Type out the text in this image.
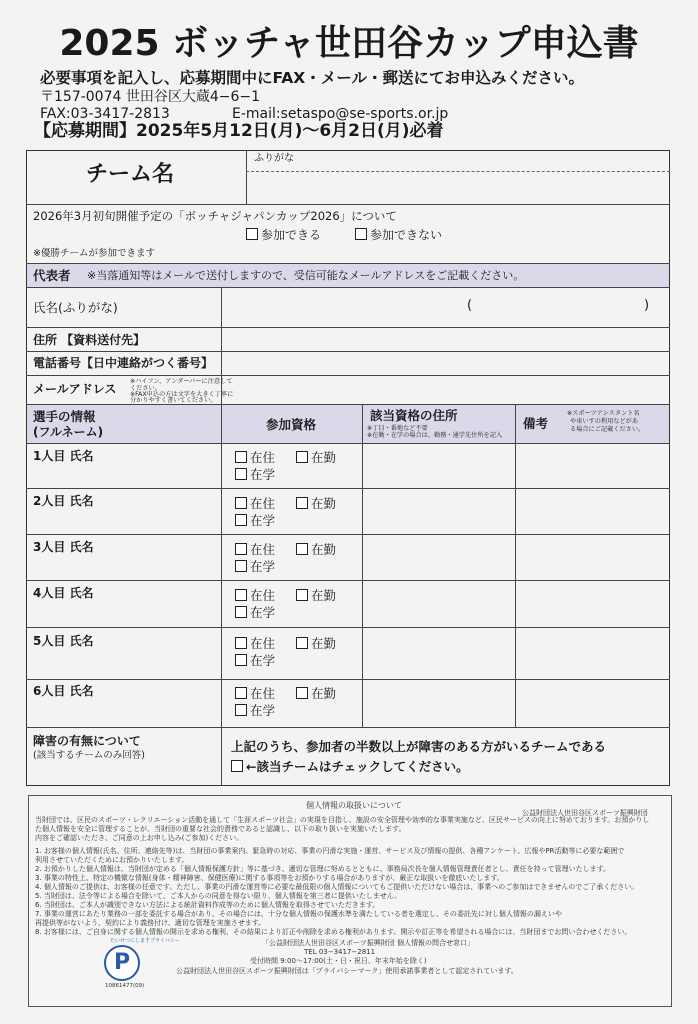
2025 ボッチャ世田谷カップ申込書
必要事項を記入し、応募期間中にFAX・メール・郵送にてお申込みください。
〒157-0074 世田谷区大蔵4−6−1
FAX:03-3417-2813	E-mail:setaspo@se-sports.or.jp
【応募期間】2025年5月12日(月)〜6月2日(月)必着
チーム名
ふりがな
2026年3月初旬開催予定の「ボッチャジャパンカップ2026」について
参加できる	参加できない
※優勝チームが参加できます
代表者 ※当落通知等はメールで送付しますので、受信可能なメールアドレスをご記載ください。
氏名(ふりがな)	(	)
住所 【資料送付先】
電話番号【日中連絡がつく番号】
メールアドレス
※ハイフン、アンダーバーに注意して
ください。
※FAX申込の方は文字を大きく丁寧に
分かりやすく書いてください。
選手の情報
(フルネーム)	参加資格
該当資格の住所
※丁目・番地など不要
※在勤・在学の場合は、勤務・通学先住所を記入
備考
※スポーツアシスタント名
や車いすの利用などがあ
る場合にご記載ください。
1人目 氏名	在住	在勤
在学
2人目 氏名	在住	在勤
在学
3人目 氏名	在住	在勤
在学
4人目 氏名	在住	在勤
在学
5人目 氏名	在住	在勤
在学
6人目 氏名	在住	在勤
在学
障害の有無について
(該当するチームのみ回答)
上記のうち、参加者の半数以上が障害のある方がいるチームである
←該当チームはチェックしてください。
個人情報の取扱いについて
公益財団法人世田谷区スポーツ振興財団
当財団では、区民のスポーツ・レクリエーション活動を通して「生涯スポーツ社会」の実現を目指し、施設の安全管理や効率的な事業実施など、区民サービスの向上に努めております。お預かりし
た個人情報を安全に管理することが、当財団の重要な社会的責務であると認識し、以下の取り扱いを実施いたします。
内容をご確認いただき、ご同意の上お申し込み(ご参加)ください。
1. お客様の個人情報(氏名、住所、連絡先等)は、当財団の事業案内、緊急時の対応、事業の円滑な実施・運営、サービス及び情報の提供、各種アンケート、広報やPR活動等に必要な範囲で
利用させていただくためにお預かりいたします。
2. お預かりした個人情報は、当財団が定める「個人情報保護方針」等に基づき、適切な管理に努めるとともに、事務局次長を個人情報管理責任者とし、責任を持って管理いたします。
3. 事業の特性上、特定の機微な情報(身体・精神障害、保健医療)に関する事項等をお預かりする場合がありますが、厳正な取扱いを徹底いたします。
4. 個人情報のご提供は、お客様の任意です。ただし、事業の円滑な運営等に必要な最低限の個人情報についてもご提供いただけない場合は、事業へのご参加はできませんのでご了承ください。
5. 当財団は、法令等による場合を除いて、ご本人からの同意を得ない限り、個人情報を第三者に提供いたしません。
6. 当財団は、ご本人が識別できない方法による統計資料作成等のために個人情報を取得させていただきます。
7. 事業の運営にあたり業務の一部を委託する場合があり、その場合には、十分な個人情報の保護水準を満たしている者を選定し、その委託先に対し個人情報の漏えいや
再提供等がないよう、契約により義務付け、適切な管理を実施させます。
8. お客様には、ご自身に関する個人情報の開示を求める権利、その結果により訂正や削除を求める権利があります。開示や訂正等を希望される場合には、当財団までお問い合わせください。
「公益財団法人世田谷区スポーツ振興財団 個人情報の問合せ窓口」
TEL 03−3417−2811
受付時間 9:00〜17:00(土・日・祝日、年末年始を除く)
公益財団法人世田谷区スポーツ振興財団は「プライバシーマーク」使用承諾事業者として認定されています。
たいせつにしますプライバシー
P
10861477(09)
